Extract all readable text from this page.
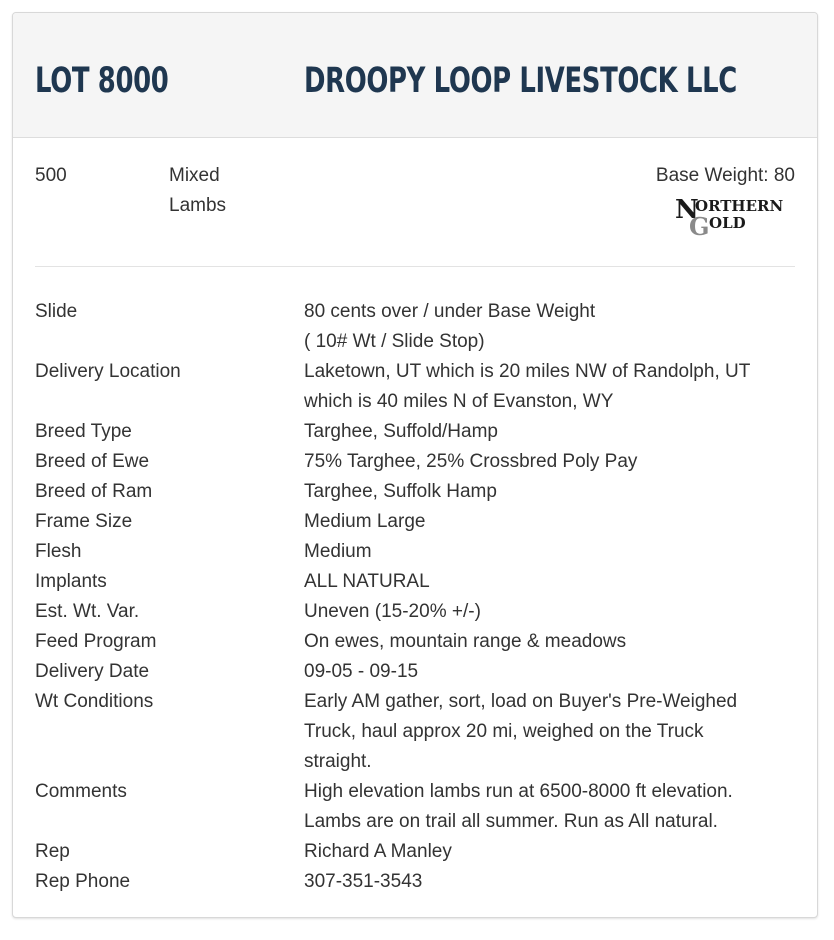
LOT 8000	DROOPY LOOP LIVESTOCK LLC
500	Mixed
Lambs
Base Weight: 80
N
ORTHERN
G OLD
Slide	80 cents over / under Base Weight
( 10# Wt / Slide Stop)
Delivery Location	Laketown, UT which is 20 miles NW of Randolph, UT
which is 40 miles N of Evanston, WY
Breed Type	Targhee, Suffold/Hamp
Breed of Ewe	75% Targhee, 25% Crossbred Poly Pay
Breed of Ram	Targhee, Suffolk Hamp
Frame Size	Medium Large
Flesh	Medium
Implants	ALL NATURAL
Est. Wt. Var.	Uneven (15-20% +/-)
Feed Program	On ewes, mountain range & meadows
Delivery Date	09-05 - 09-15
Wt Conditions	Early AM gather, sort, load on Buyer's Pre-Weighed
Truck, haul approx 20 mi, weighed on the Truck
straight.
Comments	High elevation lambs run at 6500-8000 ft elevation.
Lambs are on trail all summer. Run as All natural.
Rep	Richard A Manley
Rep Phone	307-351-3543
